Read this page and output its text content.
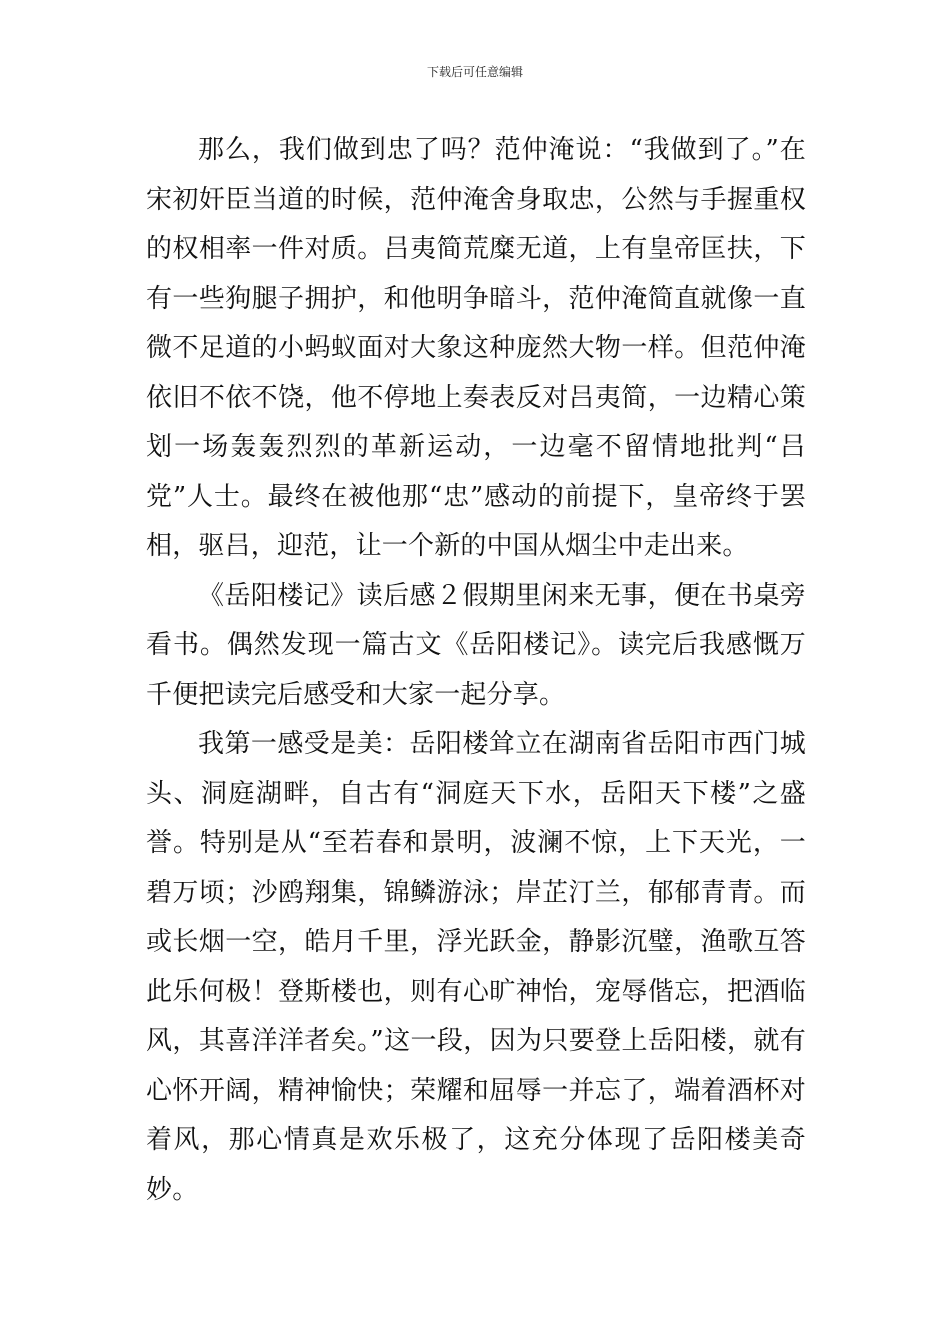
下载后可任意编辑

那么，我们做到忠了吗？范仲淹说：“我做到了。”在宋初奸臣当道的时候，范仲淹舍身取忠，公然与手握重权的权相率一件对质。吕夷简荒糜无道，上有皇帝匡扶，下有一些狗腿子拥护，和他明争暗斗，范仲淹简直就像一直微不足道的小蚂蚁面对大象这种庞然大物一样。但范仲淹依旧不依不饶，他不停地上奏表反对吕夷简，一边精心策划一场轰轰烈烈的革新运动，一边毫不留情地批判“吕党”人士。最终在被他那“忠”感动的前提下，皇帝终于罢相，驱吕，迎范，让一个新的中国从烟尘中走出来。

《岳阳楼记》读后感２假期里闲来无事，便在书桌旁看书。偶然发现一篇古文《岳阳楼记》。读完后我感慨万千便把读完后感受和大家一起分享。

我第一感受是美：岳阳楼耸立在湖南省岳阳市西门城头、洞庭湖畔，自古有“洞庭天下水，岳阳天下楼”之盛誉。特别是从“至若春和景明，波澜不惊，上下天光，一碧万顷；沙鸥翔集，锦鳞游泳；岸芷汀兰，郁郁青青。而或长烟一空，皓月千里，浮光跃金，静影沉璧，渔歌互答此乐何极！登斯楼也，则有心旷神怡，宠辱偕忘，把酒临风，其喜洋洋者矣。”这一段，因为只要登上岳阳楼，就有心怀开阔，精神愉快；荣耀和屈辱一并忘了，端着酒杯对着风，那心情真是欢乐极了，这充分体现了岳阳楼美奇妙。
